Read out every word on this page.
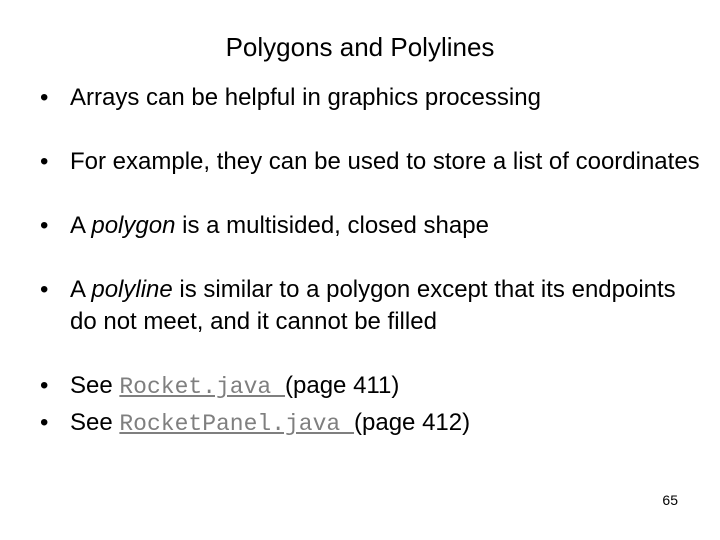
Polygons and Polylines
• Arrays can be helpful in graphics processing
• For example, they can be used to store a list of coordinates
• A polygon is a multisided, closed shape
• A polyline is similar to a polygon except that its endpoints do not meet, and it cannot be filled
• See Rocket.java (page 411)
• See RocketPanel.java (page 412)
65
